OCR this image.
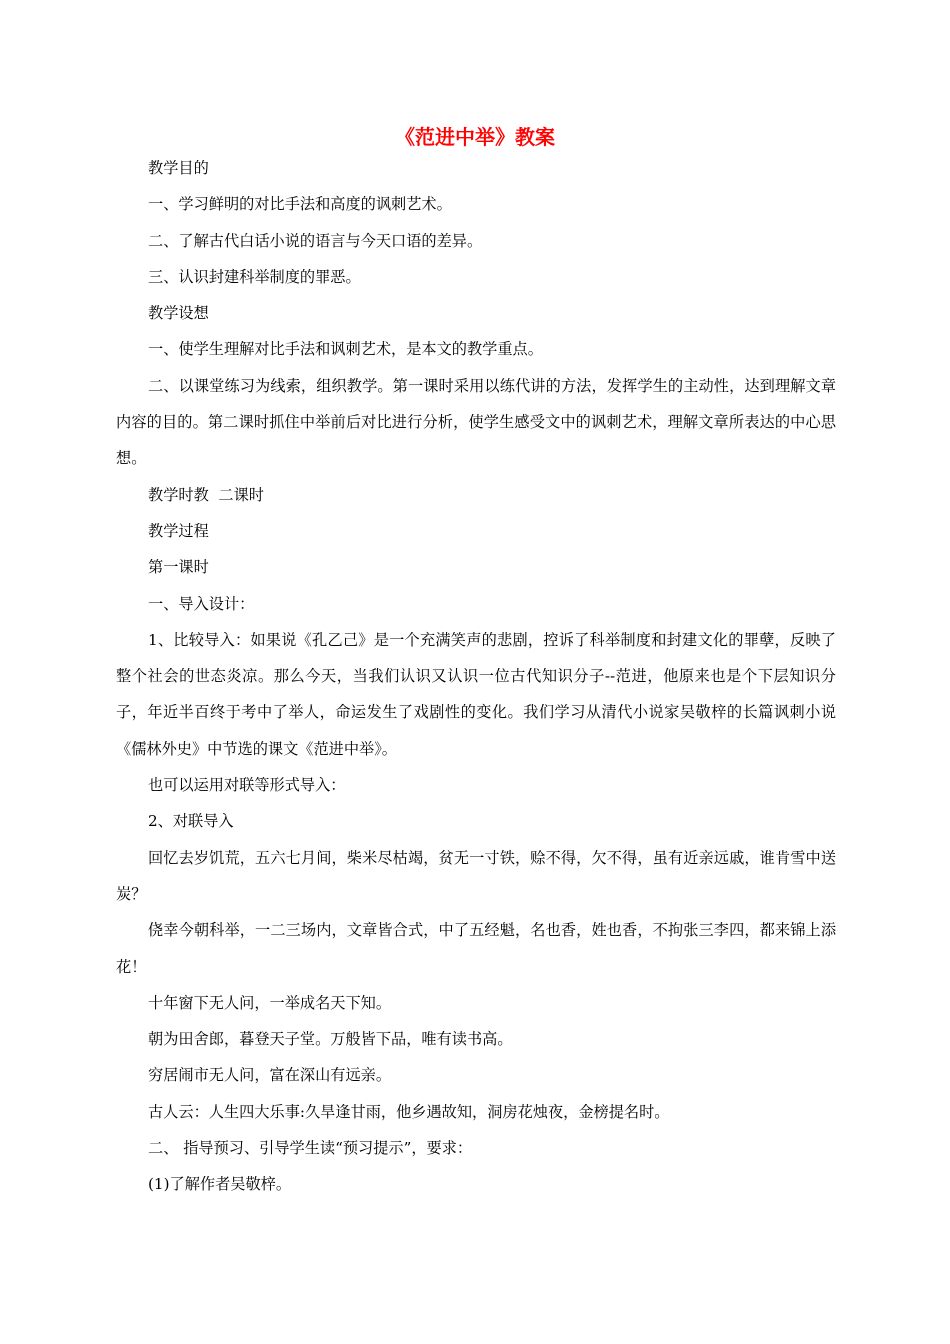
《范进中举》教案

教学目的

一、学习鲜明的对比手法和高度的讽刺艺术。

二、了解古代白话小说的语言与今天口语的差异。

三、认识封建科举制度的罪恶。

教学设想

一、使学生理解对比手法和讽刺艺术，是本文的教学重点。

二、以课堂练习为线索，组织教学。第一课时采用以练代讲的方法，发挥学生的主动性，达到理解文章内容的目的。第二课时抓住中举前后对比进行分析，使学生感受文中的讽刺艺术，理解文章所表达的中心思想。

教学时教  二课时

教学过程

第一课时

一、导入设计：

1、比较导入：如果说《孔乙己》是一个充满笑声的悲剧，控诉了科举制度和封建文化的罪孽，反映了整个社会的世态炎凉。那么今天，当我们认识又认识一位古代知识分子--范进，他原来也是个下层知识分子，年近半百终于考中了举人，命运发生了戏剧性的变化。我们学习从清代小说家吴敬梓的长篇讽刺小说《儒林外史》中节选的课文《范进中举》。

也可以运用对联等形式导入：

2、对联导入

回忆去岁饥荒，五六七月间，柴米尽枯竭，贫无一寸铁，赊不得，欠不得，虽有近亲远戚，谁肯雪中送炭？

侥幸今朝科举，一二三场内，文章皆合式，中了五经魁，名也香，姓也香，不拘张三李四，都来锦上添花！

十年窗下无人问，一举成名天下知。

朝为田舍郎，暮登天子堂。万般皆下品，唯有读书高。

穷居闹市无人问，富在深山有远亲。

古人云：人生四大乐事:久旱逢甘雨，他乡遇故知，洞房花烛夜，金榜提名时。

二、 指导预习、引导学生读“预习提示”，要求：

(1)了解作者吴敬梓。
